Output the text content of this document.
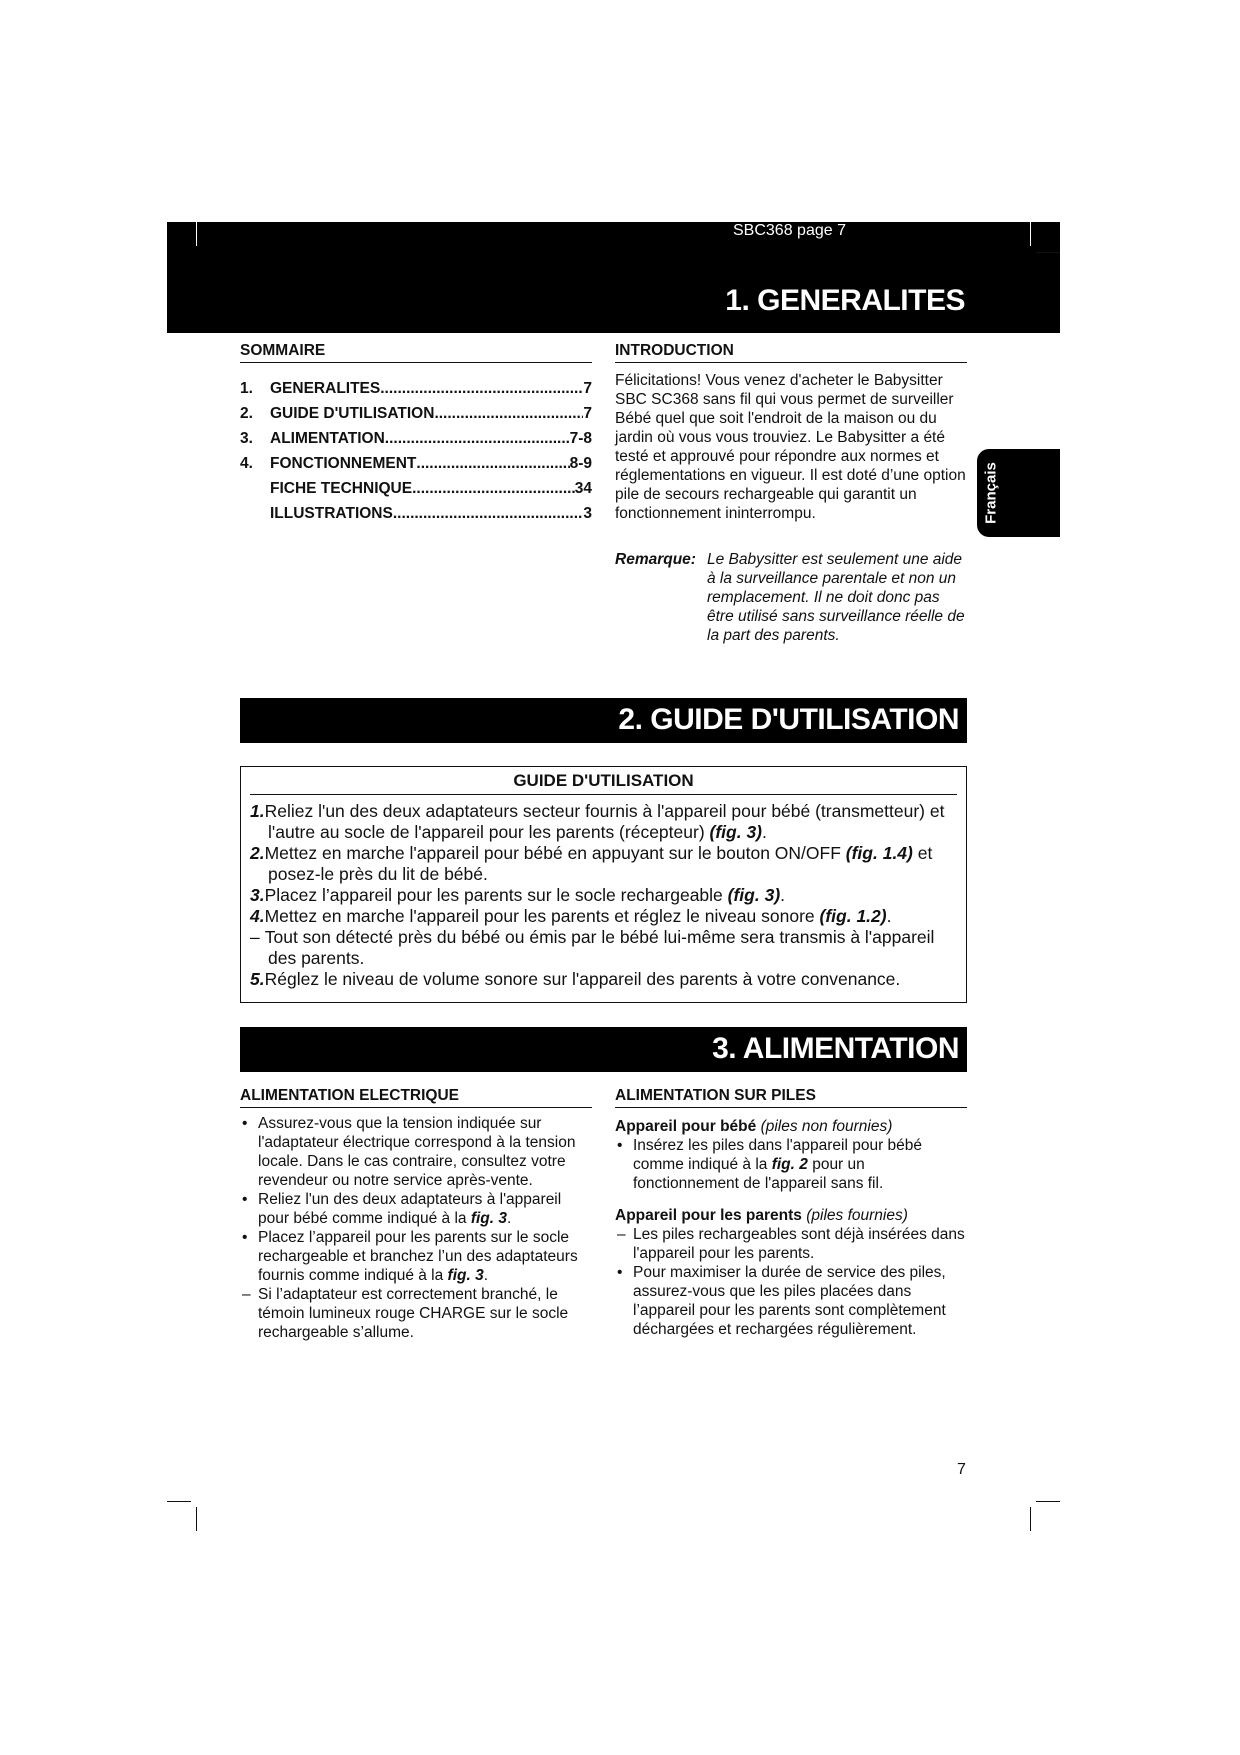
SBC368 page 7
1. GENERALITES
SOMMAIRE
1.	GENERALITES .....	7
2.	GUIDE D'UTILISATION .....	7
3.	ALIMENTATION .....	7-8
4.	FONCTIONNEMENT .....	8-9
FICHE TECHNIQUE .....	34
ILLUSTRATIONS .....	3
INTRODUCTION
Félicitations! Vous venez d'acheter le Babysitter SBC SC368 sans fil qui vous permet de surveiller Bébé quel que soit l'endroit de la maison ou du jardin où vous vous trouviez. Le Babysitter a été testé et approuvé pour répondre aux normes et réglementations en vigueur. Il est doté d’une option pile de secours rechargeable qui garantit un fonctionnement ininterrompu.
Remarque: Le Babysitter est seulement une aide à la surveillance parentale et non un remplacement. Il ne doit donc pas être utilisé sans surveillance réelle de la part des parents.
Français
2. GUIDE D'UTILISATION
GUIDE D'UTILISATION
1.Reliez l'un des deux adaptateurs secteur fournis à l'appareil pour bébé (transmetteur) et l'autre au socle de l'appareil pour les parents (récepteur) (fig. 3).
2.Mettez en marche l'appareil pour bébé en appuyant sur le bouton ON/OFF (fig. 1.4) et posez-le près du lit de bébé.
3.Placez l’appareil pour les parents sur le socle rechargeable (fig. 3).
4.Mettez en marche l'appareil pour les parents et réglez le niveau sonore (fig. 1.2).
– Tout son détecté près du bébé ou émis par le bébé lui-même sera transmis à l'appareil des parents.
5.Réglez le niveau de volume sonore sur l'appareil des parents à votre convenance.
3. ALIMENTATION
ALIMENTATION ELECTRIQUE
• Assurez-vous que la tension indiquée sur l'adaptateur électrique correspond à la tension locale. Dans le cas contraire, consultez votre revendeur ou notre service après-vente.
• Reliez l'un des deux adaptateurs à l'appareil pour bébé comme indiqué à la fig. 3.
• Placez l’appareil pour les parents sur le socle rechargeable et branchez l’un des adaptateurs fournis comme indiqué à la fig. 3.
– Si l’adaptateur est correctement branché, le témoin lumineux rouge CHARGE sur le socle rechargeable s’allume.
ALIMENTATION SUR PILES
Appareil pour bébé (piles non fournies)
• Insérez les piles dans l'appareil pour bébé comme indiqué à la fig. 2 pour un fonctionnement de l'appareil sans fil.
Appareil pour les parents (piles fournies)
– Les piles rechargeables sont déjà insérées dans l'appareil pour les parents.
• Pour maximiser la durée de service des piles, assurez-vous que les piles placées dans l’appareil pour les parents sont complètement déchargées et rechargées régulièrement.
7
